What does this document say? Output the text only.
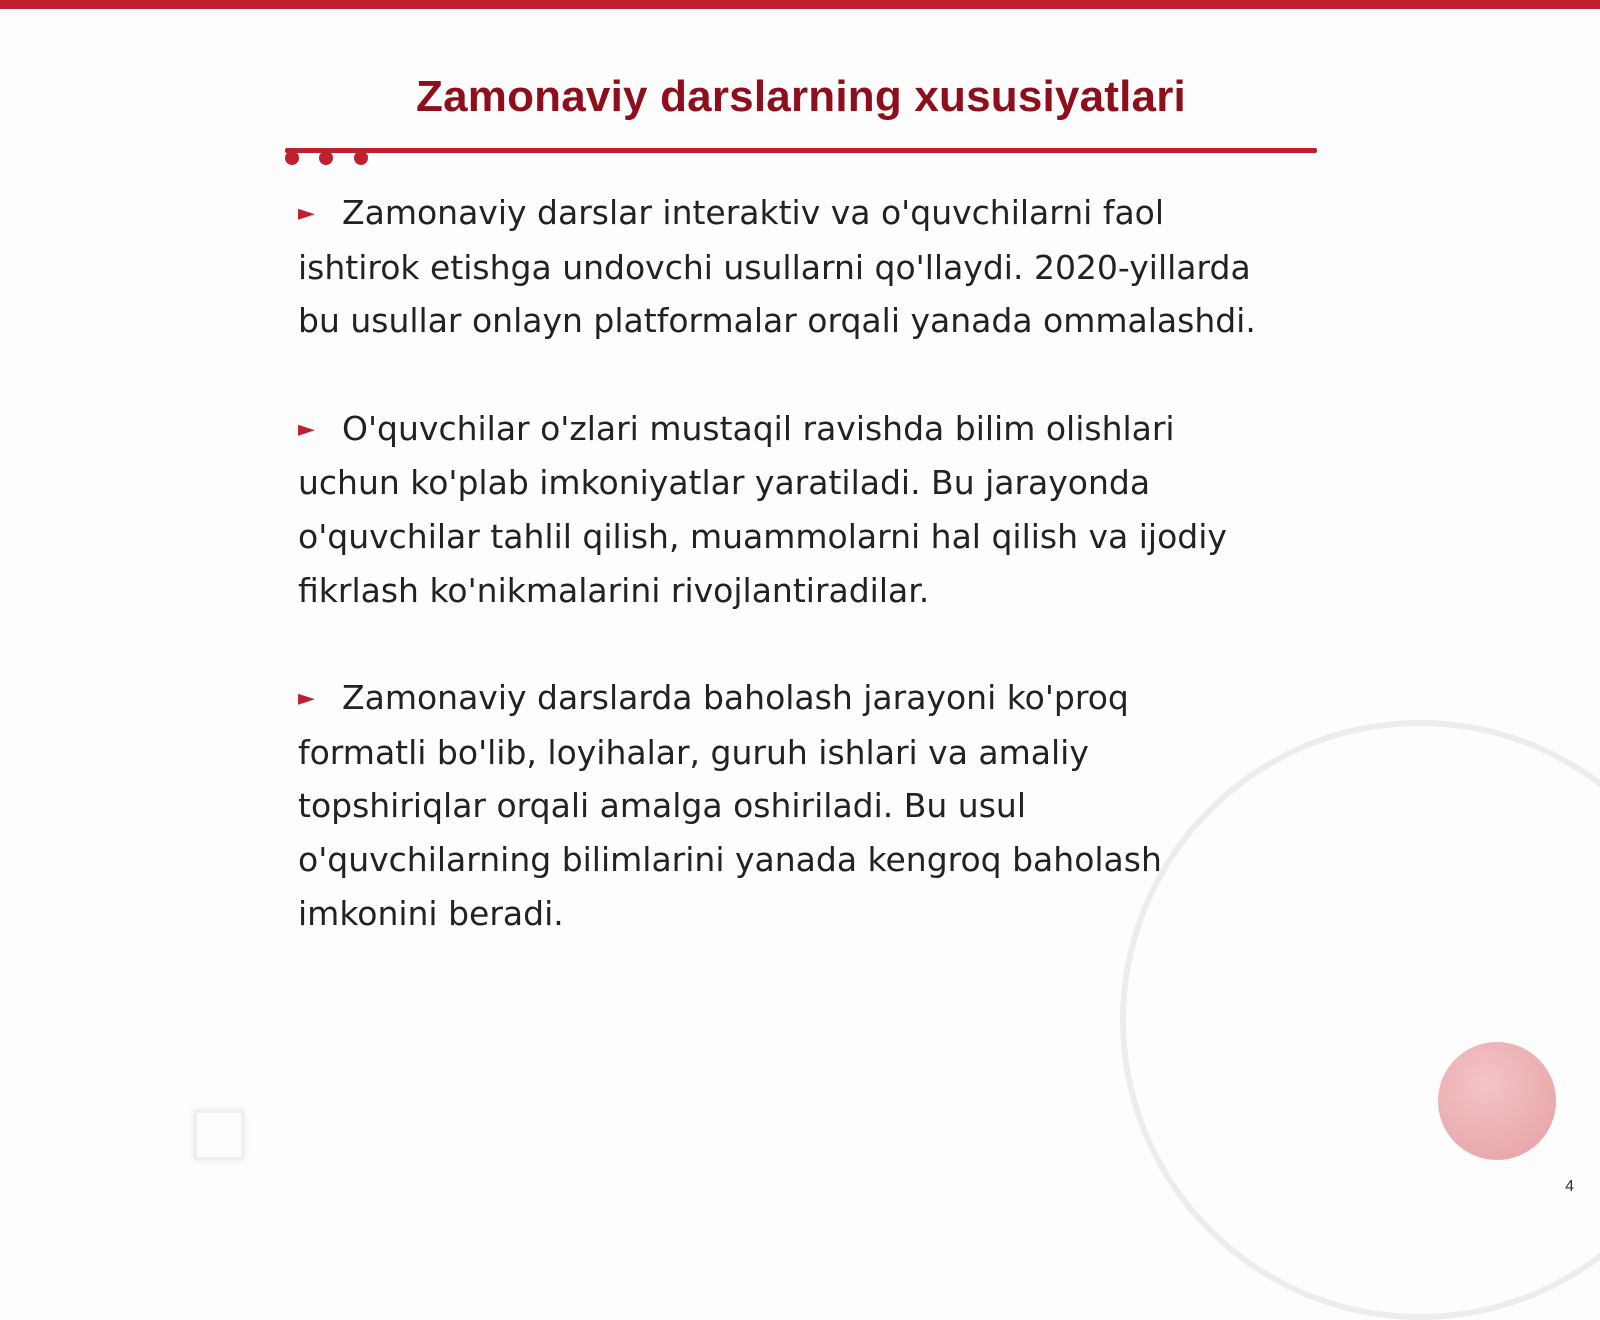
Zamonaviy darslarning xususiyatlari

► Zamonaviy darslar interaktiv va o'quvchilarni faol ishtirok etishga undovchi usullarni qo'llaydi. 2020-yillarda bu usullar onlayn platformalar orqali yanada ommalashdi.

► O'quvchilar o'zlari mustaqil ravishda bilim olishlari uchun ko'plab imkoniyatlar yaratiladi. Bu jarayonda o'quvchilar tahlil qilish, muammolarni hal qilish va ijodiy fikrlash ko'nikmalarini rivojlantiradilar.

► Zamonaviy darslarda baholash jarayoni ko'proq formatli bo'lib, loyihalar, guruh ishlari va amaliy topshiriqlar orqali amalga oshiriladi. Bu usul o'quvchilarning bilimlarini yanada kengroq baholash imkonini beradi.

4
